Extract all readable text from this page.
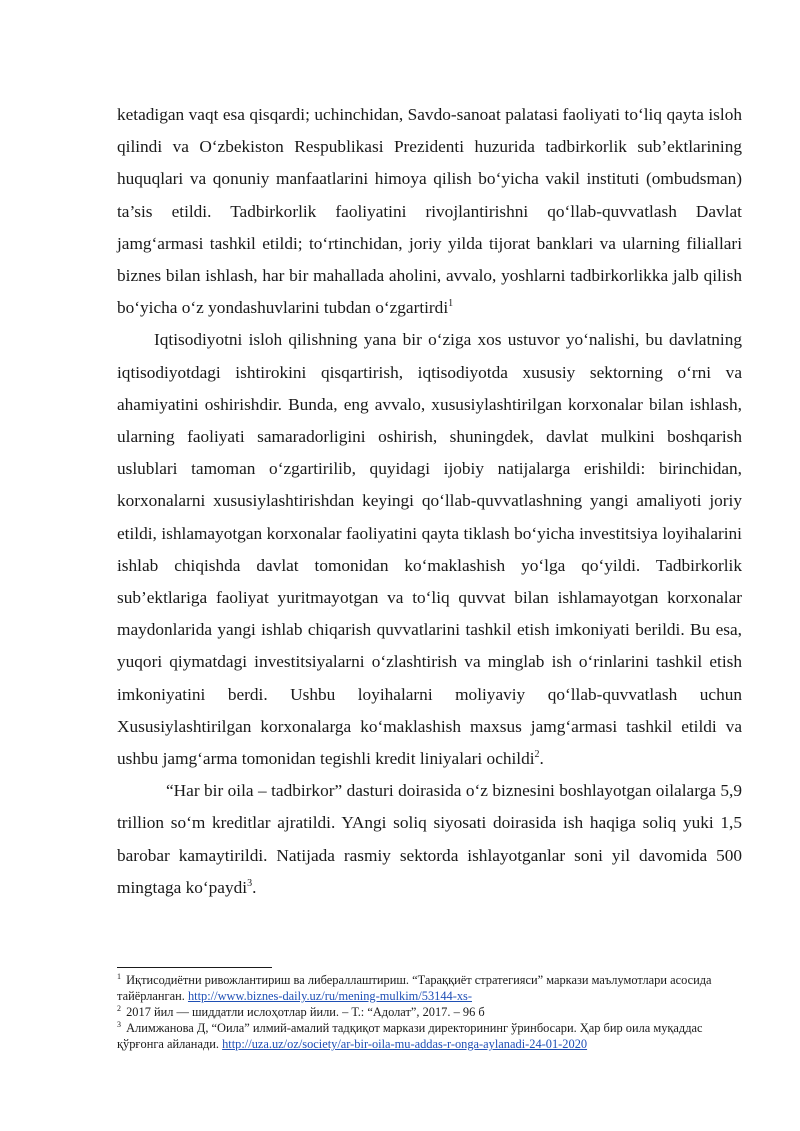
ketadigan vaqt esa qisqardi; uchinchidan, Savdo-sanoat palatasi faoliyati to‘liq qayta isloh qilindi va O‘zbekiston Respublikasi Prezidenti huzurida tadbirkorlik sub’ektlarining huquqlari va qonuniy manfaatlarini himoya qilish bo‘yicha vakil instituti (ombudsman) ta’sis etildi. Tadbirkorlik faoliyatini rivojlantirishni qo‘llab-quvvatlash Davlat jamg‘armasi tashkil etildi; to‘rtinchidan, joriy yilda tijorat banklari va ularning filiallari biznes bilan ishlash, har bir mahallada aholini, avvalo, yoshlarni tadbirkorlikka jalb qilish bo‘yicha o‘z yondashuvlarini tubdan o‘zgartirdi$^1$

Iqtisodiyotni isloh qilishning yana bir o‘ziga xos ustuvor yo‘nalishi, bu davlatning iqtisodiyotdagi ishtirokini qisqartirish, iqtisodiyotda xususiy sektorning o‘rni va ahamiyatini oshirishdir. Bunda, eng avvalo, xususiylashtirilgan korxonalar bilan ishlash, ularning faoliyati samaradorligini oshirish, shuningdek, davlat mulkini boshqarish uslublari tamoman o‘zgartirilib, quyidagi ijobiy natijalarga erishildi: birinchidan, korxonalarni xususiylashtirishdan keyingi qo‘llab-quvvatlashning yangi amaliyoti joriy etildi, ishlamayotgan korxonalar faoliyatini qayta tiklash bo‘yicha investitsiya loyihalarini ishlab chiqishda davlat tomonidan ko‘maklashish yo‘lga qo‘yildi. Tadbirkorlik sub’ektlariga faoliyat yuritmayotgan va to‘liq quvvat bilan ishlamayotgan korxonalar maydonlarida yangi ishlab chiqarish quvvatlarini tashkil etish imkoniyati berildi. Bu esa, yuqori qiymatdagi investitsiyalarni o‘zlashtirish va minglab ish o‘rinlarini tashkil etish imkoniyatini berdi. Ushbu loyihalarni moliyaviy qo‘llab-quvvatlash uchun Xususiylashtirilgan korxonalarga ko‘maklashish maxsus jamg‘armasi tashkil etildi va ushbu jamg‘arma tomonidan tegishli kredit liniyalari ochildi$^2$.

“Har bir oila – tadbirkor” dasturi doirasida o‘z biznesini boshlayotgan oilalarga 5,9 trillion so‘m kreditlar ajratildi. YAngi soliq siyosati doirasida ish haqiga soliq yuki 1,5 barobar kamaytirildi. Natijada rasmiy sektorda ishlayotganlar soni yil davomida 500 mingtaga ko‘paydi$^3$.

$^1$ Иқтисодиётни ривожлантириш ва либераллаштириш. “Тараққиёт стратегияси” маркази маълумотлари асосида тайёрланган. http://www.biznes-daily.uz/ru/mening-mulkim/53144-xs-

$^2$ 2017 йил — шиддатли ислоҳотлар йили. – Т.: “Адолат”, 2017. – 96 б

$^3$ Алимжанова Д, “Оила” илмий-амалий тадқиқот маркази директорининг ўринбосари. Ҳар бир оила муқаддас қўрғонга айланади. http://uza.uz/oz/society/ar-bir-oila-mu-addas-r-onga-aylanadi-24-01-2020
